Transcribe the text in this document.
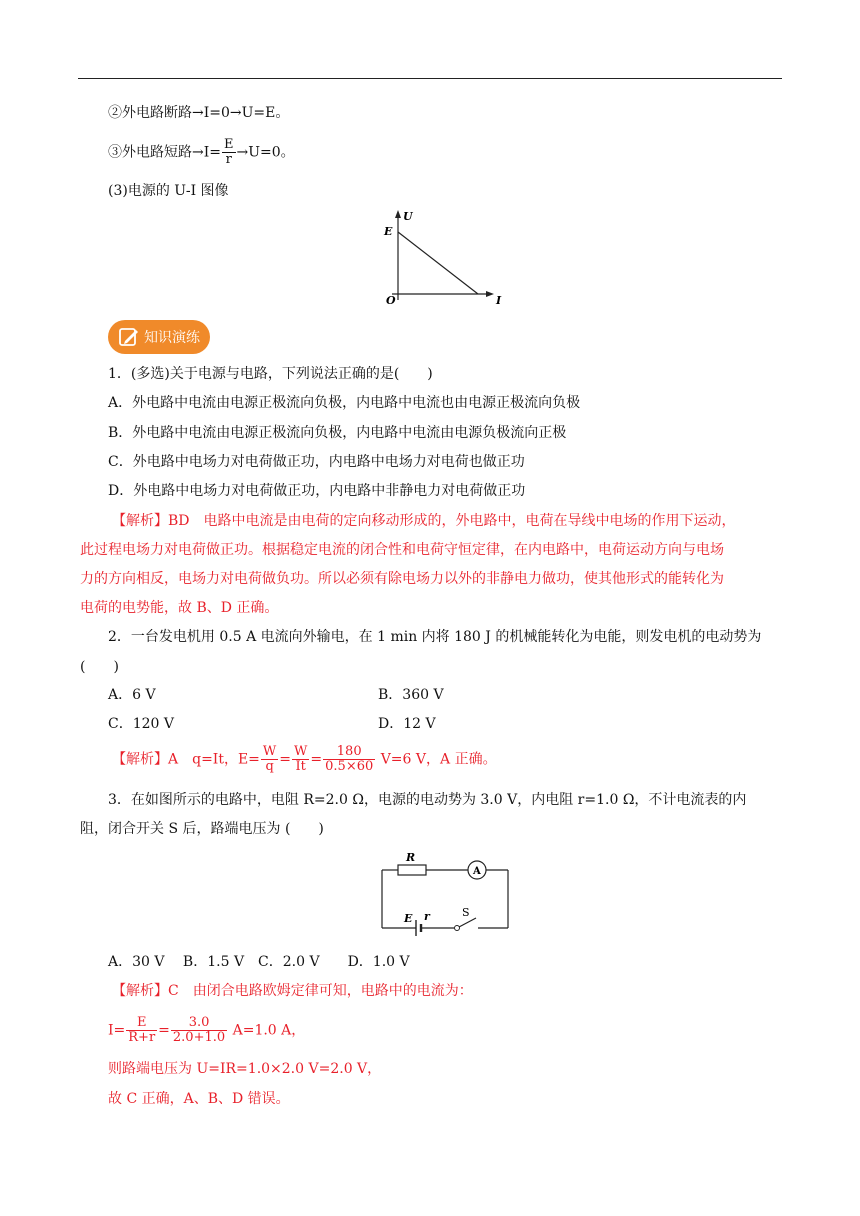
②外电路断路→I=0→U=E。
③外电路短路$\to I= \frac{E}{r} \to U=0$。
(3)电源的 U-I 图像
U
E
O	I
知识演练
1．(多选)关于电源与电路，下列说法正确的是(　　)
A．外电路中电流由电源正极流向负极，内电路中电流也由电源正极流向负极
B．外电路中电流由电源正极流向负极，内电路中电流由电源负极流向正极
C．外电路中电场力对电荷做正功，内电路中电场力对电荷也做正功
D．外电路中电场力对电荷做正功，内电路中非静电力对电荷做正功
【解析】BD　电路中电流是由电荷的定向移动形成的，外电路中，电荷在导线中电场的作用下运动，
此过程电场力对电荷做正功。根据稳定电流的闭合性和电荷守恒定律，在内电路中，电荷运动方向与电场
力的方向相反，电场力对电荷做负功。所以必须有除电场力以外的非静电力做功，使其他形式的能转化为
电荷的电势能，故 B、D 正确。
2．一台发电机用 0.5 A 电流向外输电，在 1 min 内将 180 J 的机械能转化为电能，则发电机的电动势为
(　　)
A．6 V	B．360 V
C．120 V	D．12 V
【解析】A　q=It，$E= \frac{W}{q} = \frac{W}{It} = \frac{180}{0.5\times 60} V=6$ V，A 正确。
3．在如图所示的电路中，电阻 R=2.0 Ω，电源的电动势为 3.0 V，内电阻 r=1.0 Ω，不计电流表的内
阻，闭合开关 S 后，路端电压为 (　　)
A
R
E r	S
A．30 V　 B．1.5 V　C．2.0 V　　D．1.0 V
【解析】C　由闭合电路欧姆定律可知，电路中的电流为：
$I= \frac{E}{R+r} = \frac{3.0}{2.0+1.0} A=1.0$ A，
则路端电压为 U=IR=1.0×2.0 V=2.0 V，
故 C 正确，A、B、D 错误。
